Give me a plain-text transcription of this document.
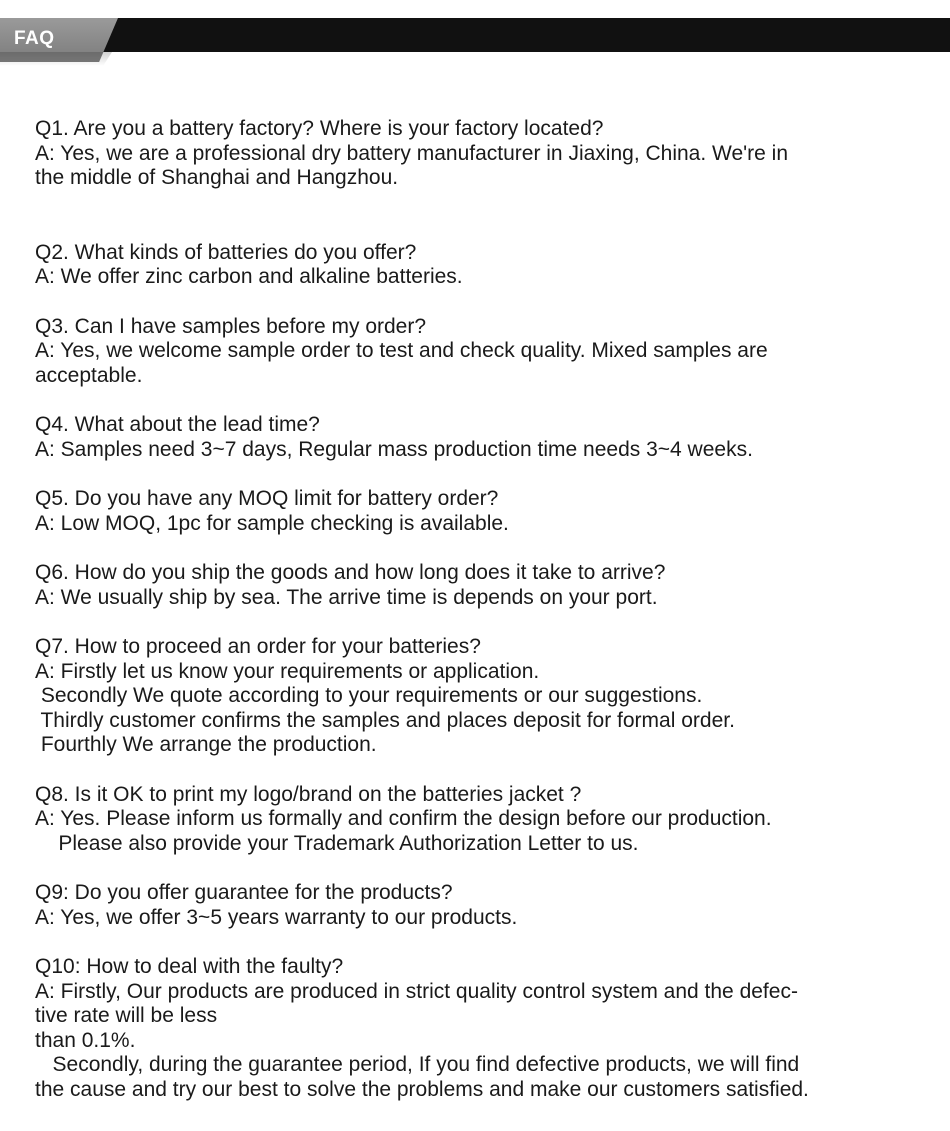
FAQ
Q1. Are you a battery factory? Where is your factory located?
A: Yes, we are a professional dry battery manufacturer in Jiaxing, China. We're in
the middle of Shanghai and Hangzhou.
Q2. What kinds of batteries do you offer?
A: We offer zinc carbon and alkaline batteries.
Q3. Can I have samples before my order?
A: Yes, we welcome sample order to test and check quality. Mixed samples are
acceptable.
Q4. What about the lead time?
A: Samples need 3~7 days, Regular mass production time needs 3~4 weeks.
Q5. Do you have any MOQ limit for battery order?
A: Low MOQ, 1pc for sample checking is available.
Q6. How do you ship the goods and how long does it take to arrive?
A: We usually ship by sea. The arrive time is depends on your port.
Q7. How to proceed an order for your batteries?
A: Firstly let us know your requirements or application.
Secondly We quote according to your requirements or our suggestions.
Thirdly customer confirms the samples and places deposit for formal order.
Fourthly We arrange the production.
Q8. Is it OK to print my logo/brand on the batteries jacket ?
A: Yes. Please inform us formally and confirm the design before our production.
Please also provide your Trademark Authorization Letter to us.
Q9: Do you offer guarantee for the products?
A: Yes, we offer 3~5 years warranty to our products.
Q10: How to deal with the faulty?
A: Firstly, Our products are produced in strict quality control system and the defec-
tive rate will be less
than 0.1%.
Secondly, during the guarantee period, If you find defective products, we will find
the cause and try our best to solve the problems and make our customers satisfied.
